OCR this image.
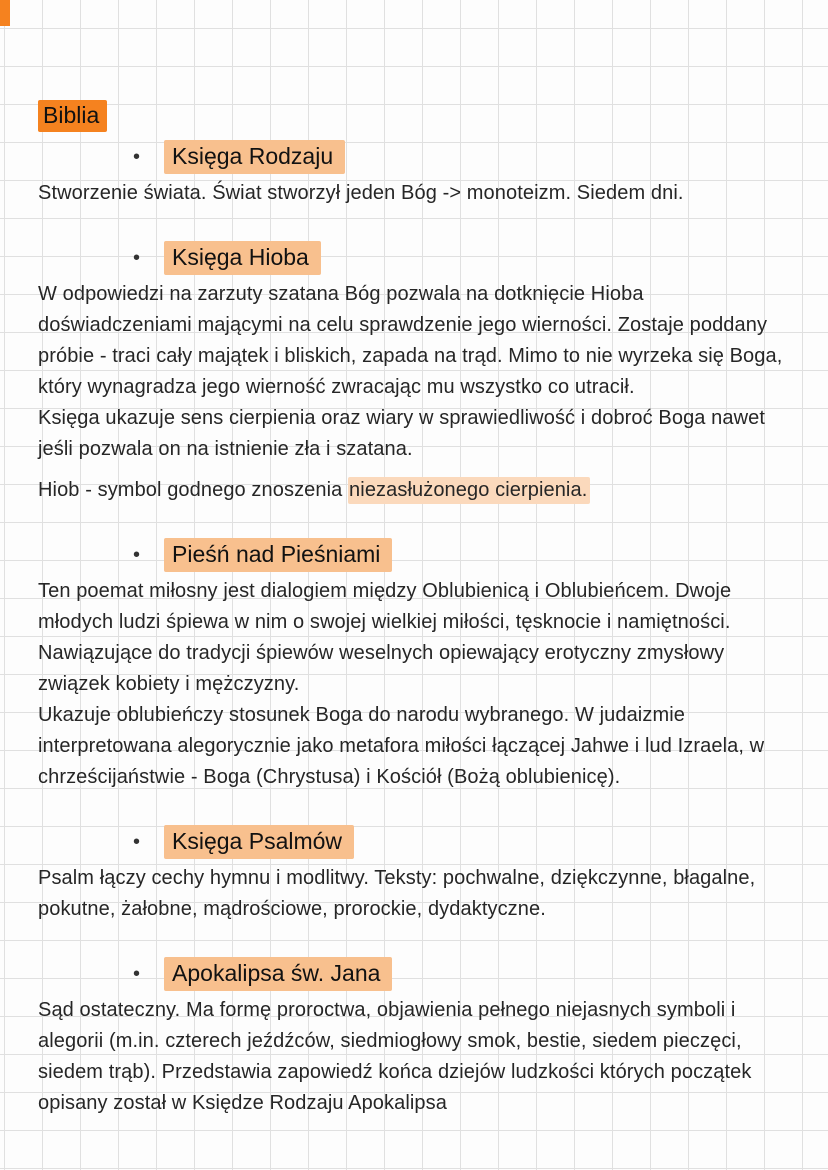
Biblia
•	Księga Rodzaju

Stworzenie świata. Świat stworzył jeden Bóg -> monoteizm. Siedem dni.

•	Księga Hioba

W odpowiedzi na zarzuty szatana Bóg pozwala na dotknięcie Hioba doświadczeniami mającymi na celu sprawdzenie jego wierności. Zostaje poddany próbie - traci cały majątek i bliskich, zapada na trąd. Mimo to nie wyrzeka się Boga, który wynagradza jego wierność zwracając mu wszystko co utracił.

Księga ukazuje sens cierpienia oraz wiary w sprawiedliwość i dobroć Boga nawet jeśli pozwala on na istnienie zła i szatana.

Hiob - symbol godnego znoszenia niezasłużonego cierpienia.

•	Pieśń nad Pieśniami

Ten poemat miłosny jest dialogiem między Oblubienicą i Oblubieńcem. Dwoje młodych ludzi śpiewa w nim o swojej wielkiej miłości, tęsknocie i namiętności. Nawiązujące do tradycji śpiewów weselnych opiewający erotyczny zmysłowy związek kobiety i mężczyzny.

Ukazuje oblubieńczy stosunek Boga do narodu wybranego. W judaizmie interpretowana alegorycznie jako metafora miłości łączącej Jahwe i lud Izraela, w chrześcijaństwie - Boga (Chrystusa) i Kościół (Bożą oblubienicę).

•	Księga Psalmów

Psalm łączy cechy hymnu i modlitwy. Teksty: pochwalne, dziękczynne, błagalne, pokutne, żałobne, mądrościowe, prorockie, dydaktyczne.

•	Apokalipsa św. Jana

Sąd ostateczny. Ma formę proroctwa, objawienia pełnego niejasnych symboli i alegorii (m.in. czterech jeźdźców, siedmiogłowy smok, bestie, siedem pieczęci, siedem trąb). Przedstawia zapowiedź końca dziejów ludzkości których początek opisany został w Księdze Rodzaju Apokalipsa
